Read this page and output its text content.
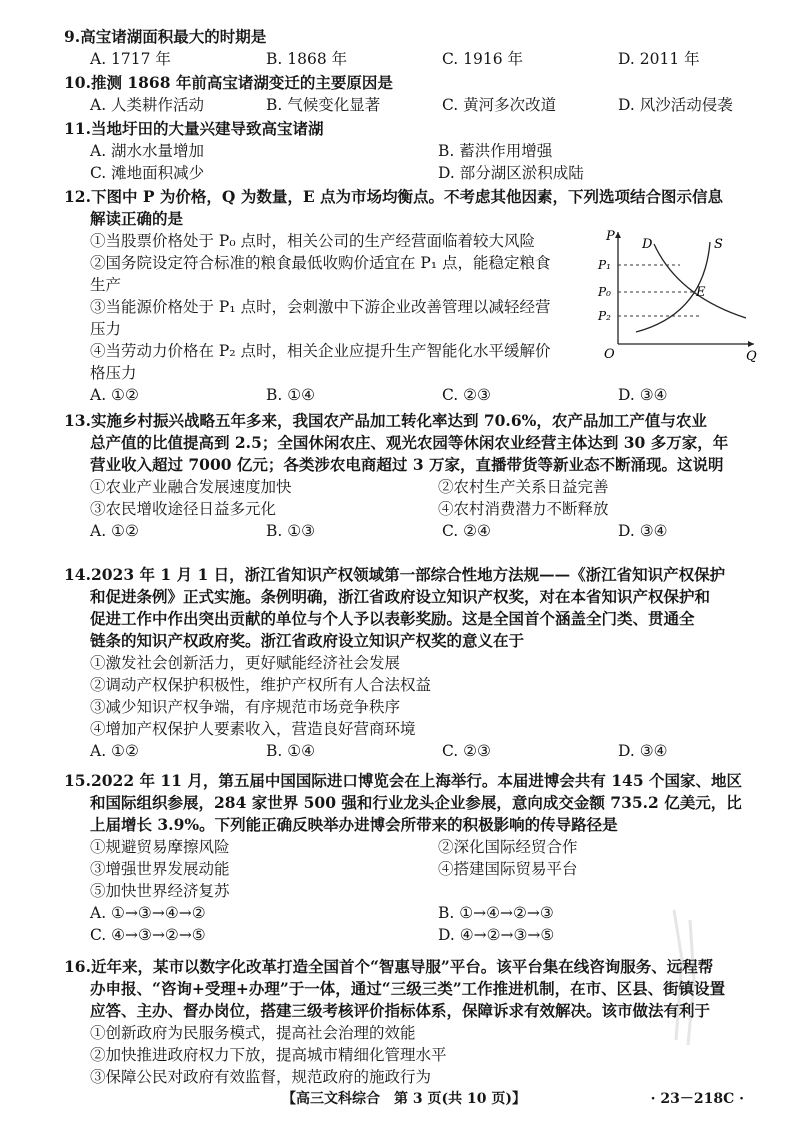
9.高宝诸湖面积最大的时期是
A. 1717 年	B. 1868 年	C. 1916 年	D. 2011 年
10.推测 1868 年前高宝诸湖变迁的主要原因是
A. 人类耕作活动	B. 气候变化显著	C. 黄河多次改道	D. 风沙活动侵袭
11.当地圩田的大量兴建导致高宝诸湖
A. 湖水水量增加	B. 蓄洪作用增强
C. 滩地面积减少	D. 部分湖区淤积成陆
12.下图中 P 为价格，Q 为数量，E 点为市场均衡点。不考虑其他因素，下列选项结合图示信息
解读正确的是
①当股票价格处于 P₀ 点时，相关公司的生产经营面临着较大风险
②国务院设定符合标准的粮食最低收购价适宜在 P₁ 点，能稳定粮食
生产
③当能源价格处于 P₁ 点时，会刺激中下游企业改善管理以减轻经营
压力
④当劳动力价格在 P₂ 点时，相关企业应提升生产智能化水平缓解价
格压力
A. ①②	B. ①④	C. ②③	D. ③④
P
Q
O
D	S
E
P₁
P₀
P₂
13.实施乡村振兴战略五年多来，我国农产品加工转化率达到 70.6%，农产品加工产值与农业
总产值的比值提高到 2.5；全国休闲农庄、观光农园等休闲农业经营主体达到 30 多万家，年
营业收入超过 7000 亿元；各类涉农电商超过 3 万家，直播带货等新业态不断涌现。这说明
①农业产业融合发展速度加快	②农村生产关系日益完善
③农民增收途径日益多元化	④农村消费潜力不断释放
A. ①②	B. ①③	C. ②④	D. ③④
14.2023 年 1 月 1 日，浙江省知识产权领域第一部综合性地方法规——《浙江省知识产权保护
和促进条例》正式实施。条例明确，浙江省政府设立知识产权奖，对在本省知识产权保护和
促进工作中作出突出贡献的单位与个人予以表彰奖励。这是全国首个涵盖全门类、贯通全
链条的知识产权政府奖。浙江省政府设立知识产权奖的意义在于
①激发社会创新活力，更好赋能经济社会发展
②调动产权保护积极性，维护产权所有人合法权益
③减少知识产权争端，有序规范市场竞争秩序
④增加产权保护人要素收入，营造良好营商环境
A. ①②	B. ①④	C. ②③	D. ③④
15.2022 年 11 月，第五届中国国际进口博览会在上海举行。本届进博会共有 145 个国家、地区
和国际组织参展，284 家世界 500 强和行业龙头企业参展，意向成交金额 735.2 亿美元，比
上届增长 3.9%。下列能正确反映举办进博会所带来的积极影响的传导路径是
①规避贸易摩擦风险	②深化国际经贸合作
③增强世界发展动能	④搭建国际贸易平台
⑤加快世界经济复苏
A. ①→③→④→②	B. ①→④→②→③
C. ④→③→②→⑤	D. ④→②→③→⑤
16.近年来，某市以数字化改革打造全国首个“智惠导服”平台。该平台集在线咨询服务、远程帮
办申报、“咨询+受理+办理”于一体，通过“三级三类”工作推进机制，在市、区县、街镇设置
应答、主办、督办岗位，搭建三级考核评价指标体系，保障诉求有效解决。该市做法有利于
①创新政府为民服务模式，提高社会治理的效能
②加快推进政府权力下放，提高城市精细化管理水平
③保障公民对政府有效监督，规范政府的施政行为
【高三文科综合　第 3 页(共 10 页)】	· 23－218C ·
